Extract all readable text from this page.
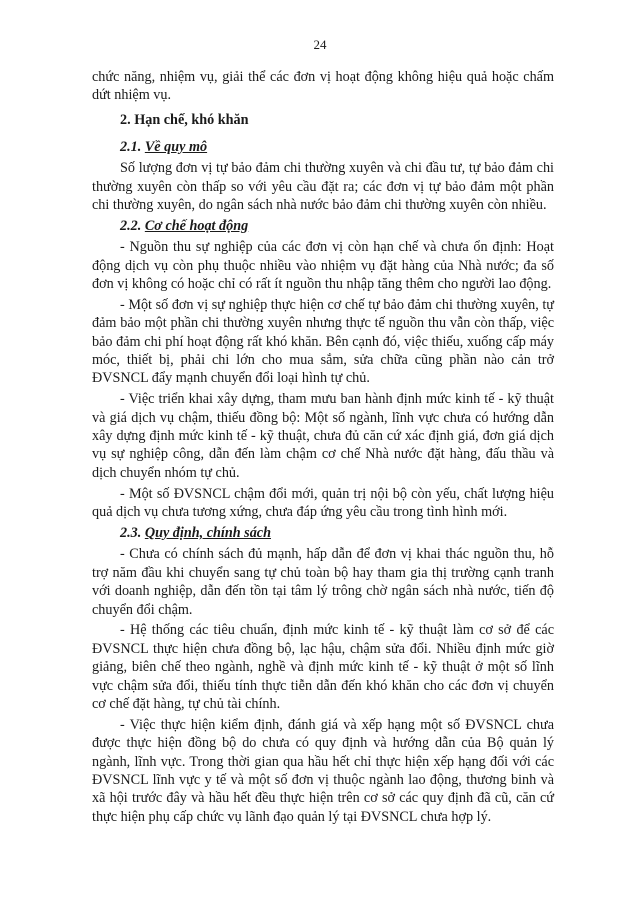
24

chức năng, nhiệm vụ, giải thể các đơn vị hoạt động không hiệu quả hoặc chấm dứt nhiệm vụ.

2. Hạn chế, khó khăn

2.1. Về quy mô

Số lượng đơn vị tự bảo đảm chi thường xuyên và chi đầu tư, tự bảo đảm chi thường xuyên còn thấp so với yêu cầu đặt ra; các đơn vị tự bảo đảm một phần chi thường xuyên, do ngân sách nhà nước bảo đảm chi thường xuyên còn nhiều.

2.2. Cơ chế hoạt động

- Nguồn thu sự nghiệp của các đơn vị còn hạn chế và chưa ổn định: Hoạt động dịch vụ còn phụ thuộc nhiều vào nhiệm vụ đặt hàng của Nhà nước; đa số đơn vị không có hoặc chỉ có rất ít nguồn thu nhập tăng thêm cho người lao động.

- Một số đơn vị sự nghiệp thực hiện cơ chế tự bảo đảm chi thường xuyên, tự đảm bảo một phần chi thường xuyên nhưng thực tế nguồn thu vẫn còn thấp, việc bảo đảm chi phí hoạt động rất khó khăn. Bên cạnh đó, việc thiếu, xuống cấp máy móc, thiết bị, phải chi lớn cho mua sắm, sửa chữa cũng phần nào cản trở ĐVSNCL đẩy mạnh chuyển đổi loại hình tự chủ.

- Việc triển khai xây dựng, tham mưu ban hành định mức kinh tế - kỹ thuật và giá dịch vụ chậm, thiếu đồng bộ: Một số ngành, lĩnh vực chưa có hướng dẫn xây dựng định mức kinh tế - kỹ thuật, chưa đủ căn cứ xác định giá, đơn giá dịch vụ sự nghiệp công, dẫn đến làm chậm cơ chế Nhà nước đặt hàng, đấu thầu và dịch chuyển nhóm tự chủ.

- Một số ĐVSNCL chậm đổi mới, quản trị nội bộ còn yếu, chất lượng hiệu quả dịch vụ chưa tương xứng, chưa đáp ứng yêu cầu trong tình hình mới.

2.3. Quy định, chính sách

- Chưa có chính sách đủ mạnh, hấp dẫn để đơn vị khai thác nguồn thu, hỗ trợ năm đầu khi chuyển sang tự chủ toàn bộ hay tham gia thị trường cạnh tranh với doanh nghiệp, dẫn đến tồn tại tâm lý trông chờ ngân sách nhà nước, tiến độ chuyển đổi chậm.

- Hệ thống các tiêu chuẩn, định mức kinh tế - kỹ thuật làm cơ sở để các ĐVSNCL thực hiện chưa đồng bộ, lạc hậu, chậm sửa đổi. Nhiều định mức giờ giảng, biên chế theo ngành, nghề và định mức kinh tế - kỹ thuật ở một số lĩnh vực chậm sửa đổi, thiếu tính thực tiễn dẫn đến khó khăn cho các đơn vị chuyển cơ chế đặt hàng, tự chủ tài chính.

- Việc thực hiện kiểm định, đánh giá và xếp hạng một số ĐVSNCL chưa được thực hiện đồng bộ do chưa có quy định và hướng dẫn của Bộ quản lý ngành, lĩnh vực. Trong thời gian qua hầu hết chỉ thực hiện xếp hạng đối với các ĐVSNCL lĩnh vực y tế và một số đơn vị thuộc ngành lao động, thương binh và xã hội trước đây và hầu hết đều thực hiện trên cơ sở các quy định đã cũ, căn cứ thực hiện phụ cấp chức vụ lãnh đạo quản lý tại ĐVSNCL chưa hợp lý.
